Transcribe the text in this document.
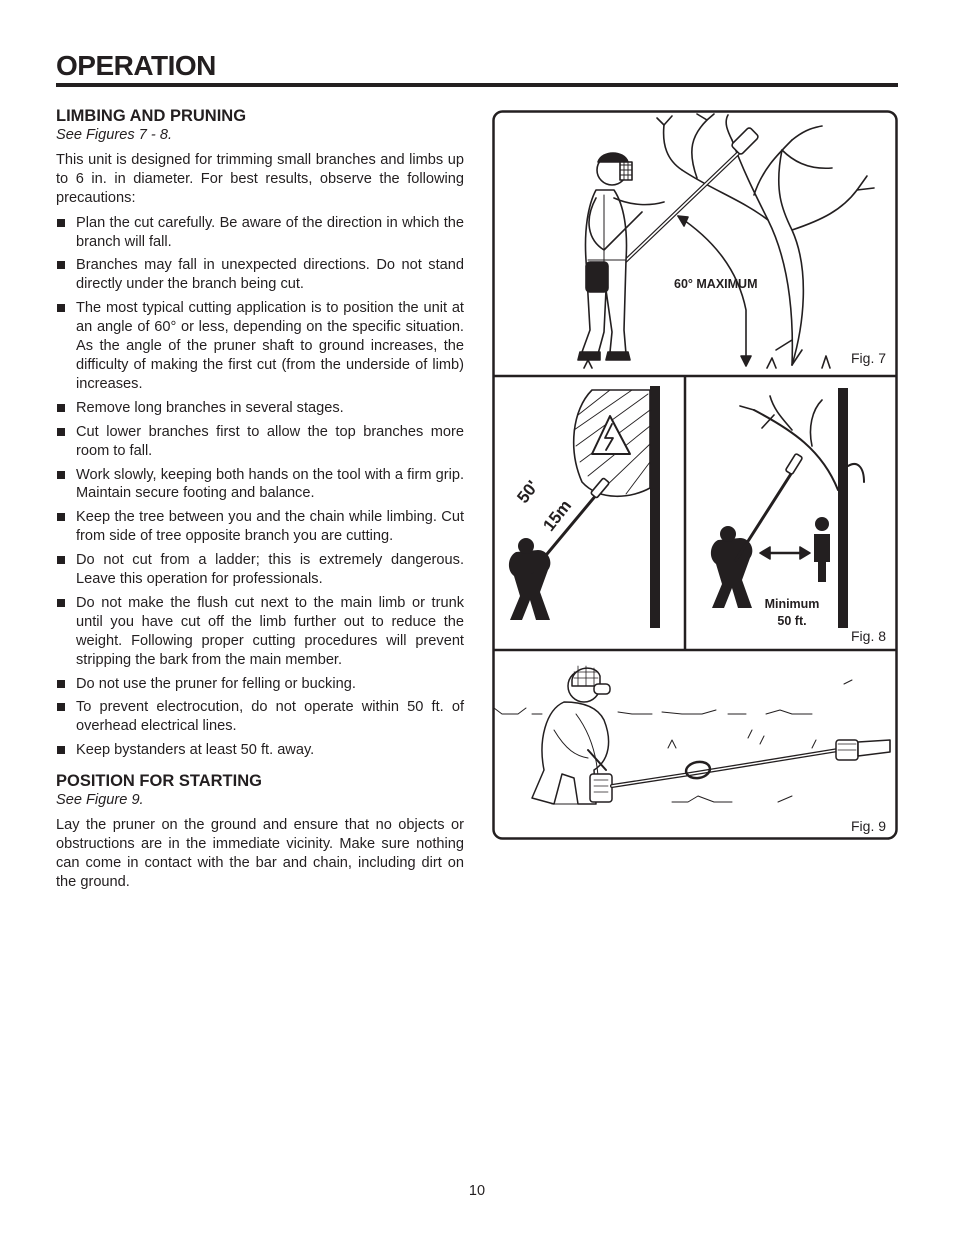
OPERATION
LIMBING AND PRUNING

See Figures 7 - 8.

This unit is designed for trimming small branches and limbs up to 6 in. in diameter. For best results, observe the following precautions:

Plan the cut carefully. Be aware of the direction in which the branch will fall.
Branches may fall in unexpected directions. Do not stand directly under the branch being cut.
The most typical cutting application is to position the unit at an angle of 60° or less, depending on the specific situation. As the angle of the pruner shaft to ground increases, the difficulty of making the first cut (from the underside of limb) increases.
Remove long branches in several stages.
Cut lower branches first to allow the top branches more room to fall.
Work slowly, keeping both hands on the tool with a firm grip. Maintain secure footing and balance.
Keep the tree between you and the chain while limbing. Cut from side of tree opposite branch you are cutting.
Do not cut from a ladder; this is extremely dangerous. Leave this operation for professionals.
Do not make the flush cut next to the main limb or trunk until you have cut off the limb further out to reduce the weight. Following proper cutting procedures will prevent stripping the bark from the main member.
Do not use the pruner for felling or bucking.
To prevent electrocution, do not operate within 50 ft. of overhead electrical lines.
Keep bystanders at least 50 ft. away.
POSITION FOR STARTING

See Figure 9.

Lay the pruner on the ground and ensure that no objects or obstructions are in the immediate vicinity. Make sure nothing can come in contact with the bar and chain, including dirt on the ground.

60° MAXIMUM
Fig. 7
50'
15m
Minimum
50 ft.
Fig. 8
Fig. 9
10
